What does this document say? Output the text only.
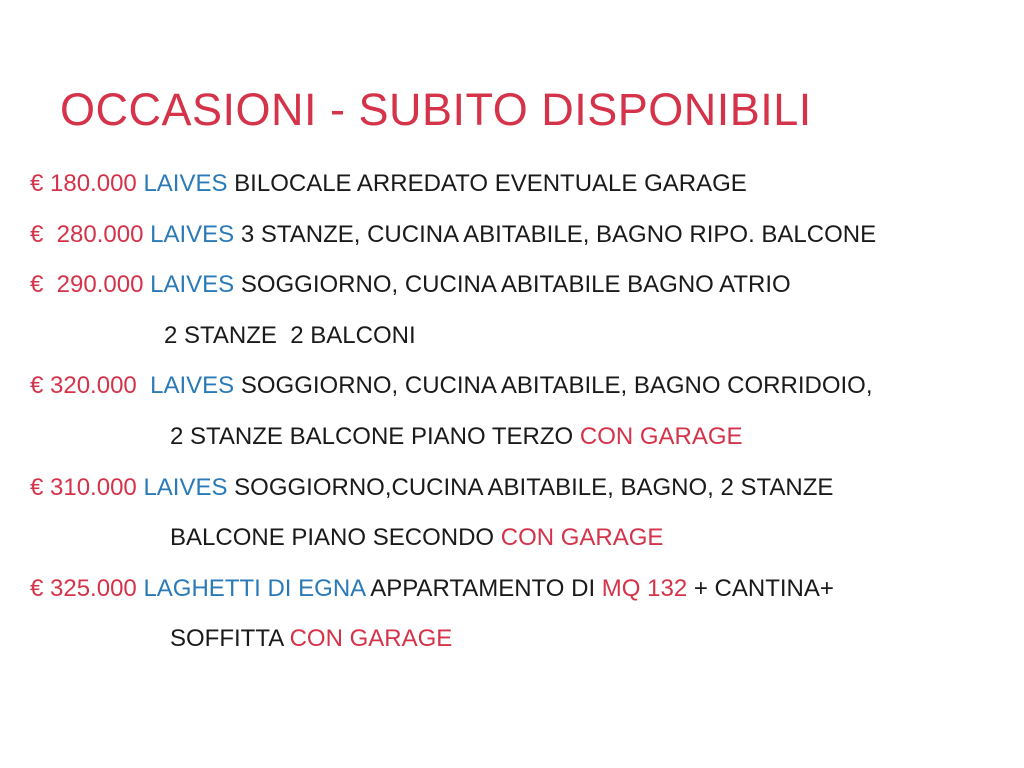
OCCASIONI - SUBITO DISPONIBILI
€ 180.000 LAIVES BILOCALE ARREDATO EVENTUALE GARAGE
€  280.000 LAIVES 3 STANZE, CUCINA ABITABILE, BAGNO RIPO. BALCONE
€  290.000 LAIVES SOGGIORNO, CUCINA ABITABILE BAGNO ATRIO
2 STANZE  2 BALCONI
€ 320.000 LAIVES SOGGIORNO, CUCINA ABITABILE, BAGNO CORRIDOIO,
2 STANZE BALCONE PIANO TERZO CON GARAGE
€ 310.000 LAIVES SOGGIORNO,CUCINA ABITABILE, BAGNO, 2 STANZE
BALCONE PIANO SECONDO CON GARAGE
€ 325.000 LAGHETTI DI EGNA APPARTAMENTO DI MQ 132 + CANTINA+
SOFFITTA CON GARAGE
